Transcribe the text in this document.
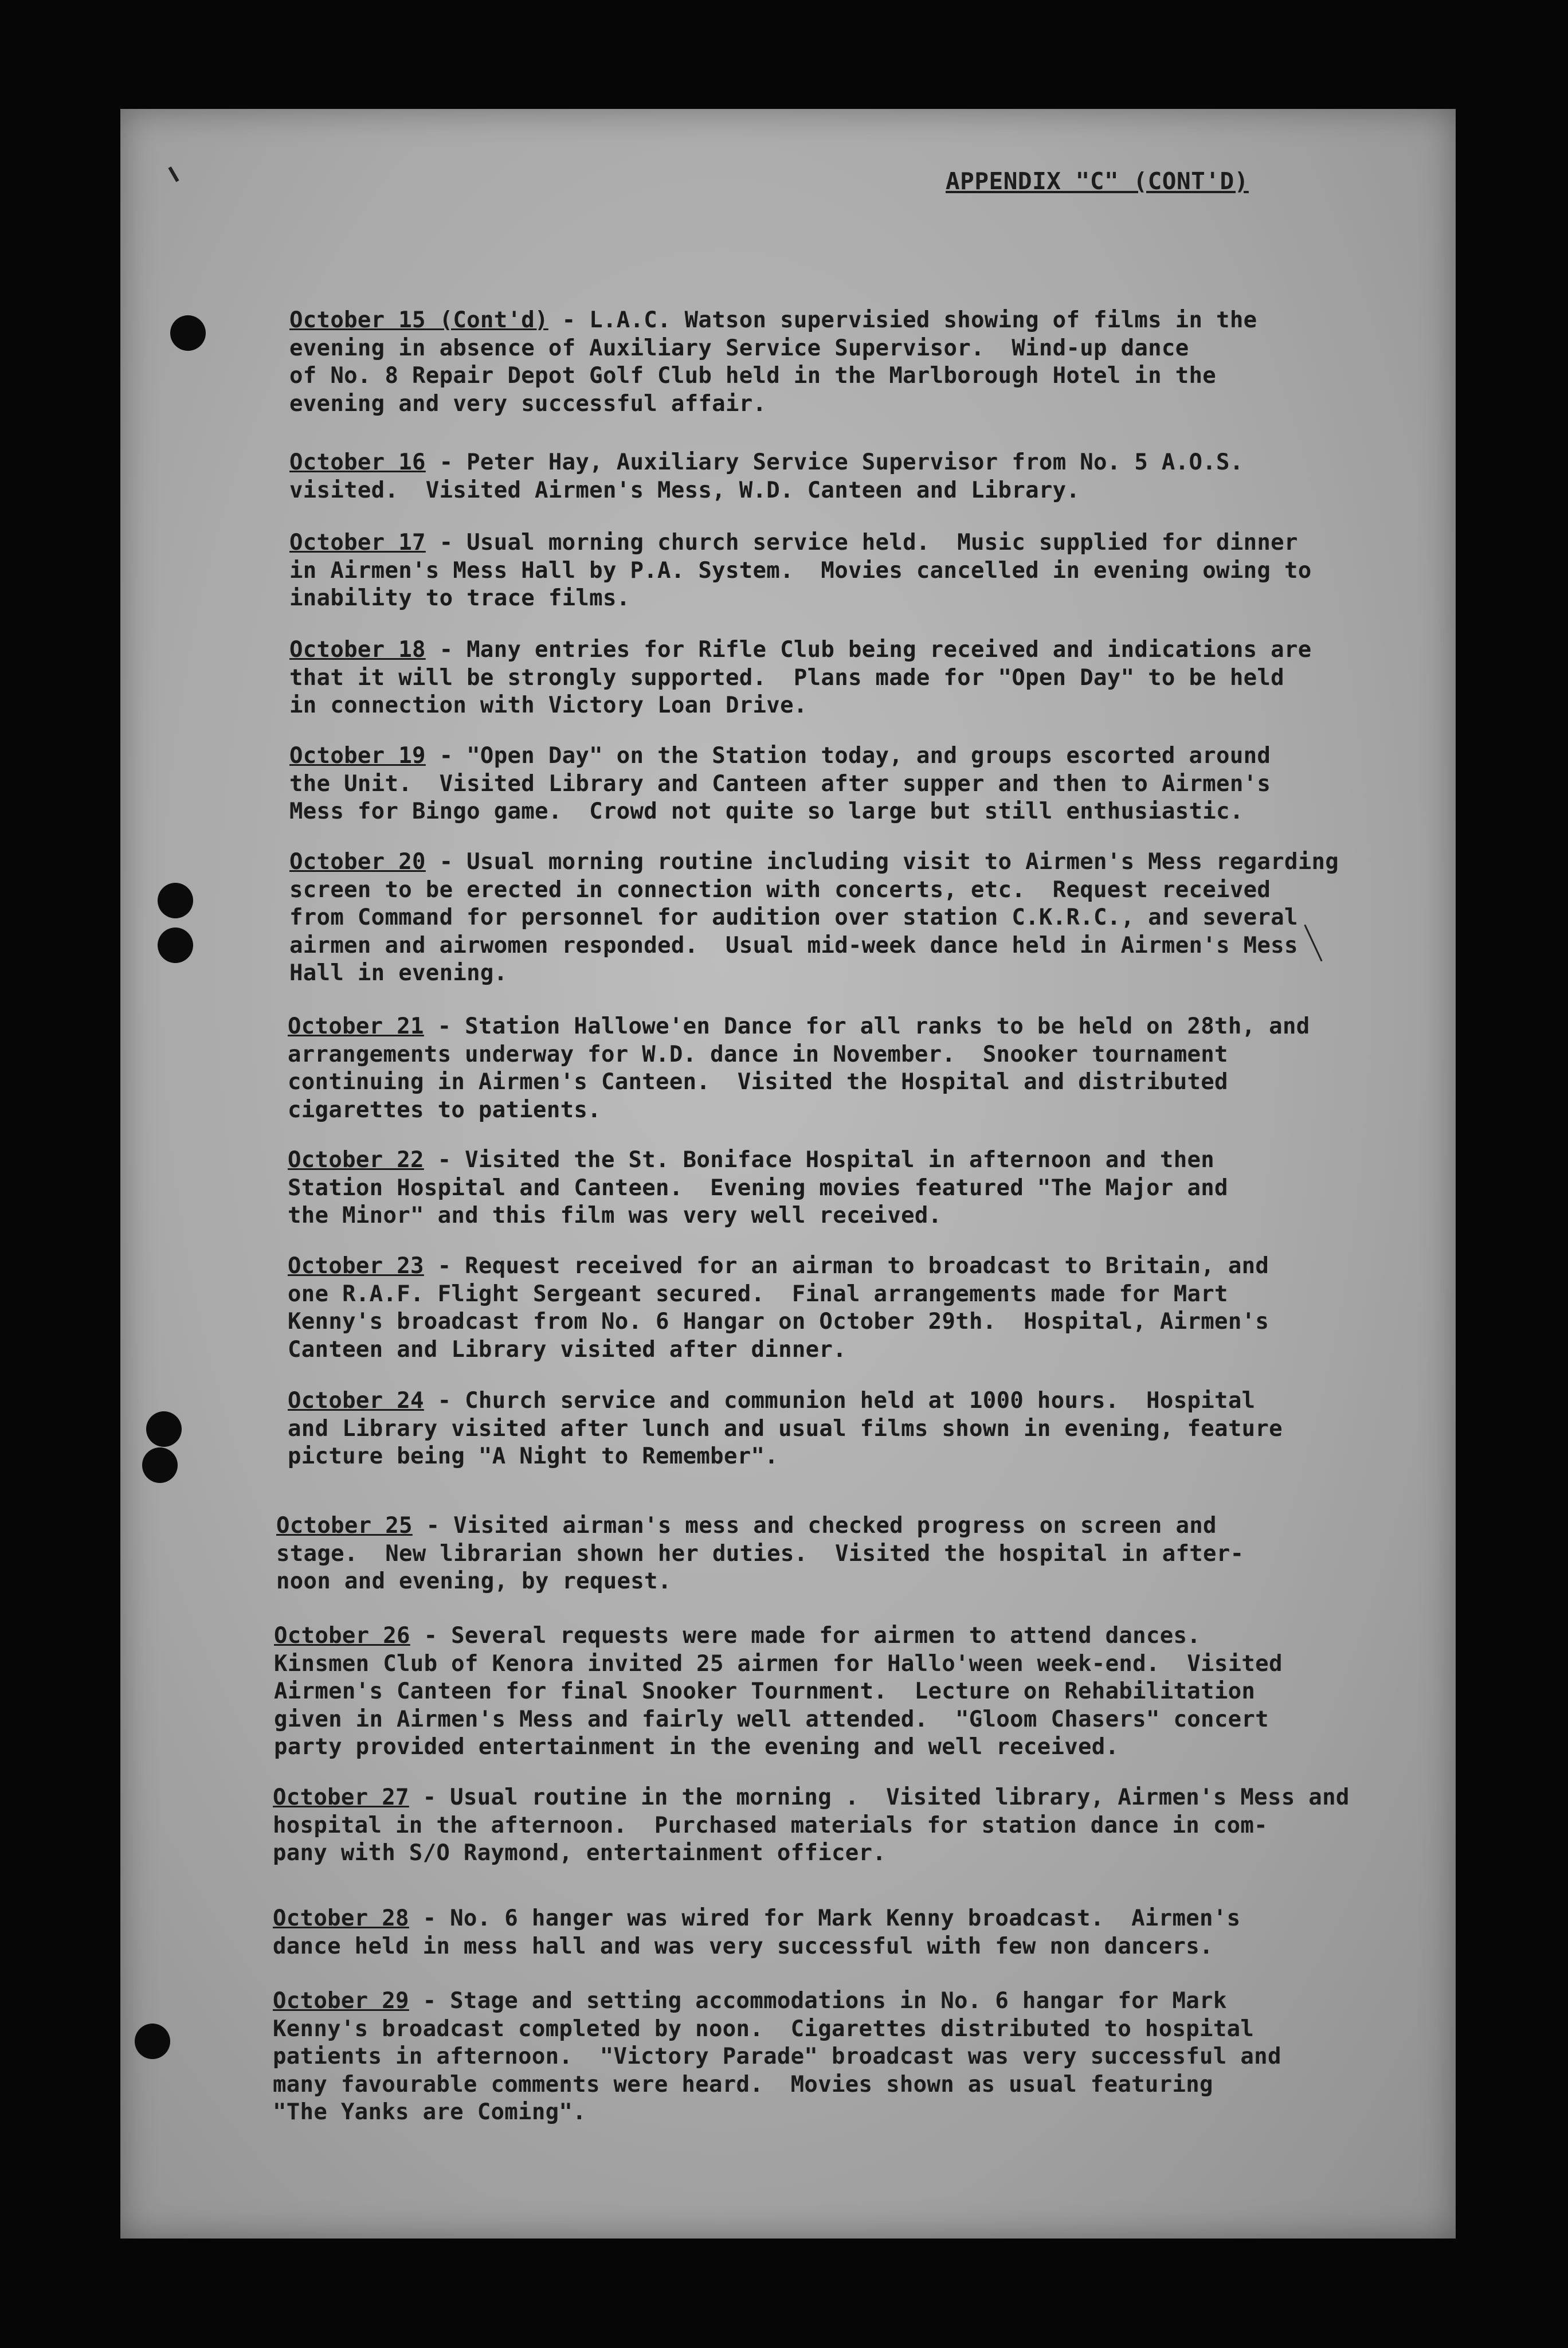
APPENDIX "C" (CONT'D)
October 15 (Cont'd) - L.A.C. Watson supervisied showing of films in the
evening in absence of Auxiliary Service Supervisor.  Wind-up dance
of No. 8 Repair Depot Golf Club held in the Marlborough Hotel in the
evening and very successful affair.
October 16 - Peter Hay, Auxiliary Service Supervisor from No. 5 A.O.S.
visited.  Visited Airmen's Mess, W.D. Canteen and Library.
October 17 - Usual morning church service held.  Music supplied for dinner
in Airmen's Mess Hall by P.A. System.  Movies cancelled in evening owing to
inability to trace films.
October 18 - Many entries for Rifle Club being received and indications are
that it will be strongly supported.  Plans made for "Open Day" to be held
in connection with Victory Loan Drive.
October 19 - "Open Day" on the Station today, and groups escorted around
the Unit.  Visited Library and Canteen after supper and then to Airmen's
Mess for Bingo game.  Crowd not quite so large but still enthusiastic.
October 20 - Usual morning routine including visit to Airmen's Mess regarding
screen to be erected in connection with concerts, etc.  Request received
from Command for personnel for audition over station C.K.R.C., and several
airmen and airwomen responded.  Usual mid-week dance held in Airmen's Mess
Hall in evening.
October 21 - Station Hallowe'en Dance for all ranks to be held on 28th, and
arrangements underway for W.D. dance in November.  Snooker tournament
continuing in Airmen's Canteen.  Visited the Hospital and distributed
cigarettes to patients.
October 22 - Visited the St. Boniface Hospital in afternoon and then
Station Hospital and Canteen.  Evening movies featured "The Major and
the Minor" and this film was very well received.
October 23 - Request received for an airman to broadcast to Britain, and
one R.A.F. Flight Sergeant secured.  Final arrangements made for Mart
Kenny's broadcast from No. 6 Hangar on October 29th.  Hospital, Airmen's
Canteen and Library visited after dinner.
October 24 - Church service and communion held at 1000 hours.  Hospital
and Library visited after lunch and usual films shown in evening, feature
picture being "A Night to Remember".
October 25 - Visited airman's mess and checked progress on screen and
stage.  New librarian shown her duties.  Visited the hospital in after-
noon and evening, by request.
October 26 - Several requests were made for airmen to attend dances.
Kinsmen Club of Kenora invited 25 airmen for Hallo'ween week-end.  Visited
Airmen's Canteen for final Snooker Tournment.  Lecture on Rehabilitation
given in Airmen's Mess and fairly well attended.  "Gloom Chasers" concert
party provided entertainment in the evening and well received.
October 27 - Usual routine in the morning .  Visited library, Airmen's Mess and
hospital in the afternoon.  Purchased materials for station dance in com-
pany with S/O Raymond, entertainment officer.
October 28 - No. 6 hanger was wired for Mark Kenny broadcast.  Airmen's
dance held in mess hall and was very successful with few non dancers.
October 29 - Stage and setting accommodations in No. 6 hangar for Mark
Kenny's broadcast completed by noon.  Cigarettes distributed to hospital
patients in afternoon.  "Victory Parade" broadcast was very successful and
many favourable comments were heard.  Movies shown as usual featuring
"The Yanks are Coming".
